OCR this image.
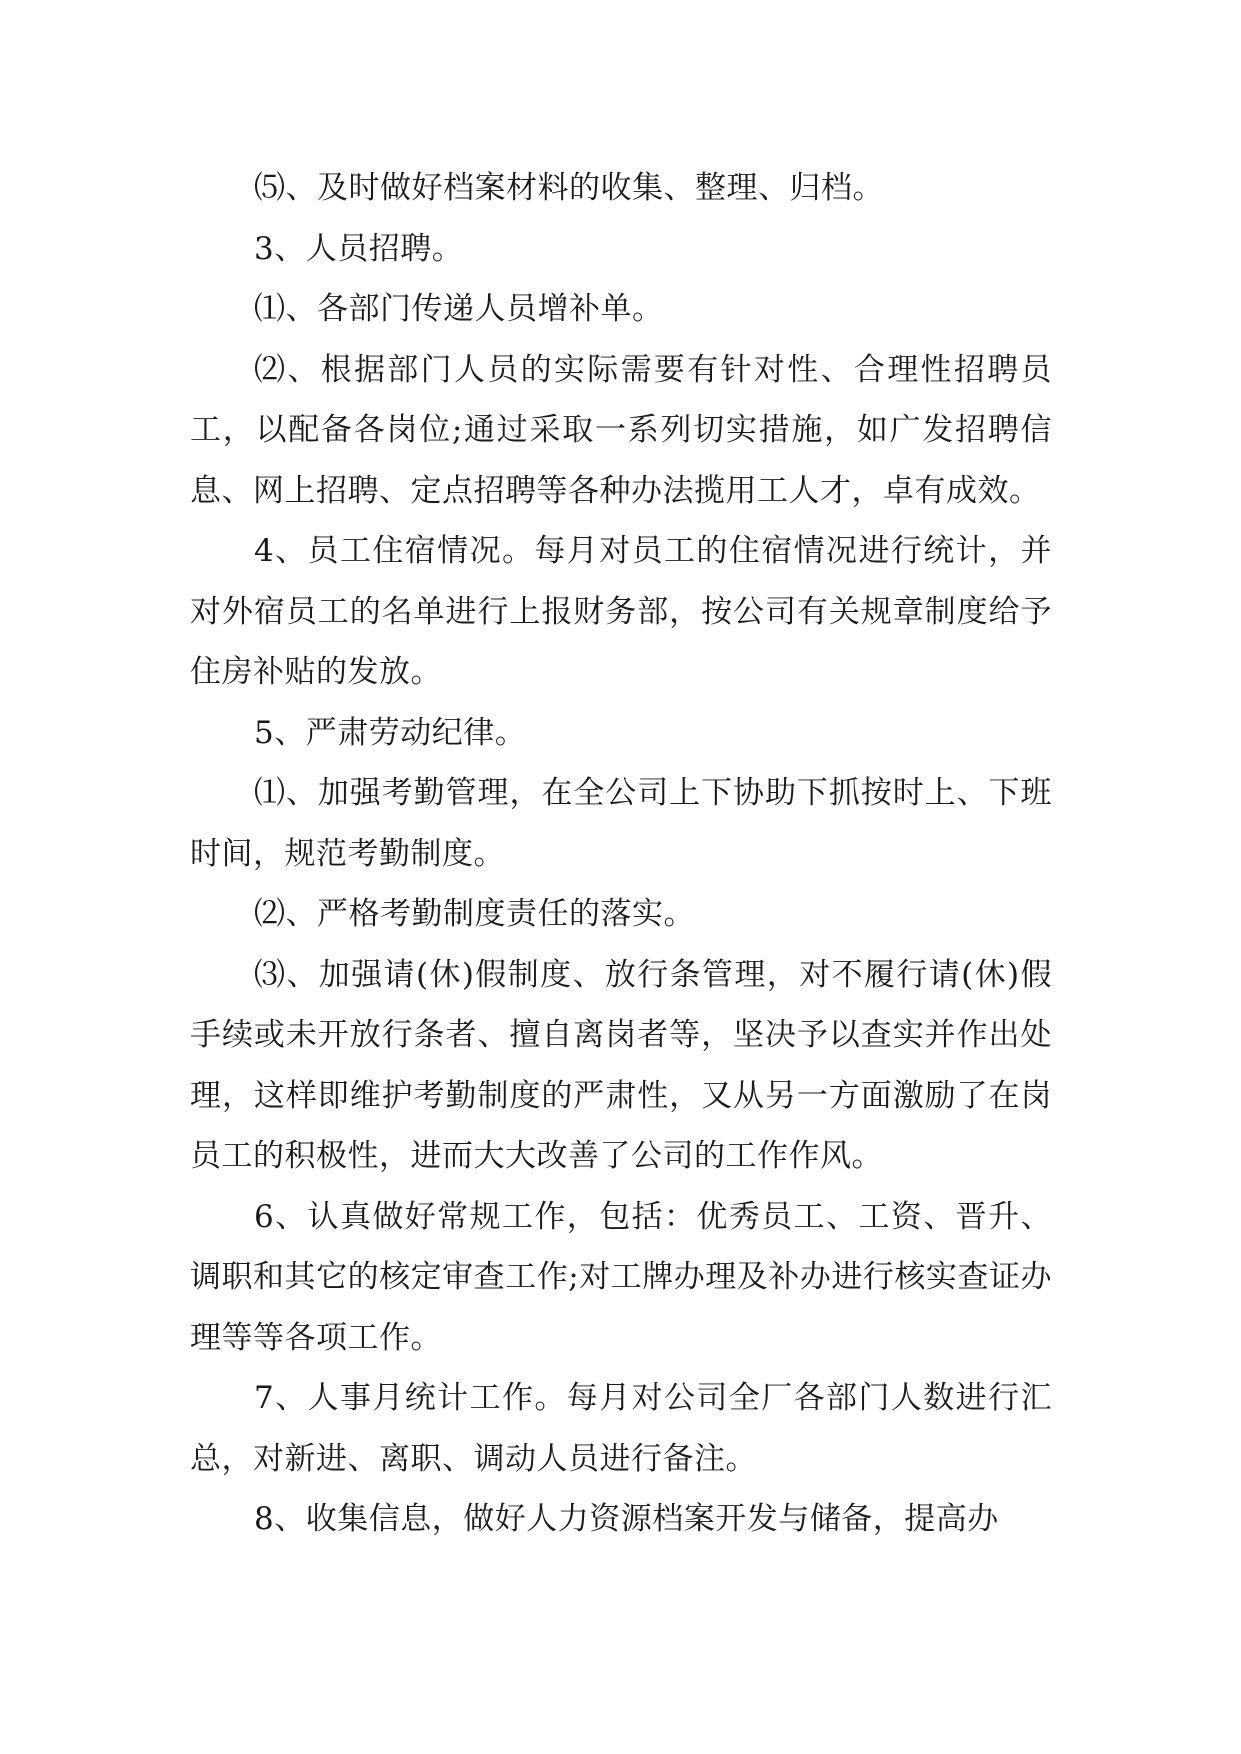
⑸、及时做好档案材料的收集、整理、归档。

3、人员招聘。

⑴、各部门传递人员增补单。

⑵、根据部门人员的实际需要有针对性、合理性招聘员工，以配备各岗位;通过采取一系列切实措施，如广发招聘信息、网上招聘、定点招聘等各种办法揽用工人才，卓有成效。

4、员工住宿情况。每月对员工的住宿情况进行统计，并对外宿员工的名单进行上报财务部，按公司有关规章制度给予住房补贴的发放。

5、严肃劳动纪律。

⑴、加强考勤管理，在全公司上下协助下抓按时上、下班时间，规范考勤制度。

⑵、严格考勤制度责任的落实。

⑶、加强请(休)假制度、放行条管理，对不履行请(休)假手续或未开放行条者、擅自离岗者等，坚决予以查实并作出处理，这样即维护考勤制度的严肃性，又从另一方面激励了在岗员工的积极性，进而大大改善了公司的工作作风。

6、认真做好常规工作，包括：优秀员工、工资、晋升、调职和其它的核定审查工作;对工牌办理及补办进行核实查证办理等等各项工作。

7、人事月统计工作。每月对公司全厂各部门人数进行汇总，对新进、离职、调动人员进行备注。

8、收集信息，做好人力资源档案开发与储备，提高办
